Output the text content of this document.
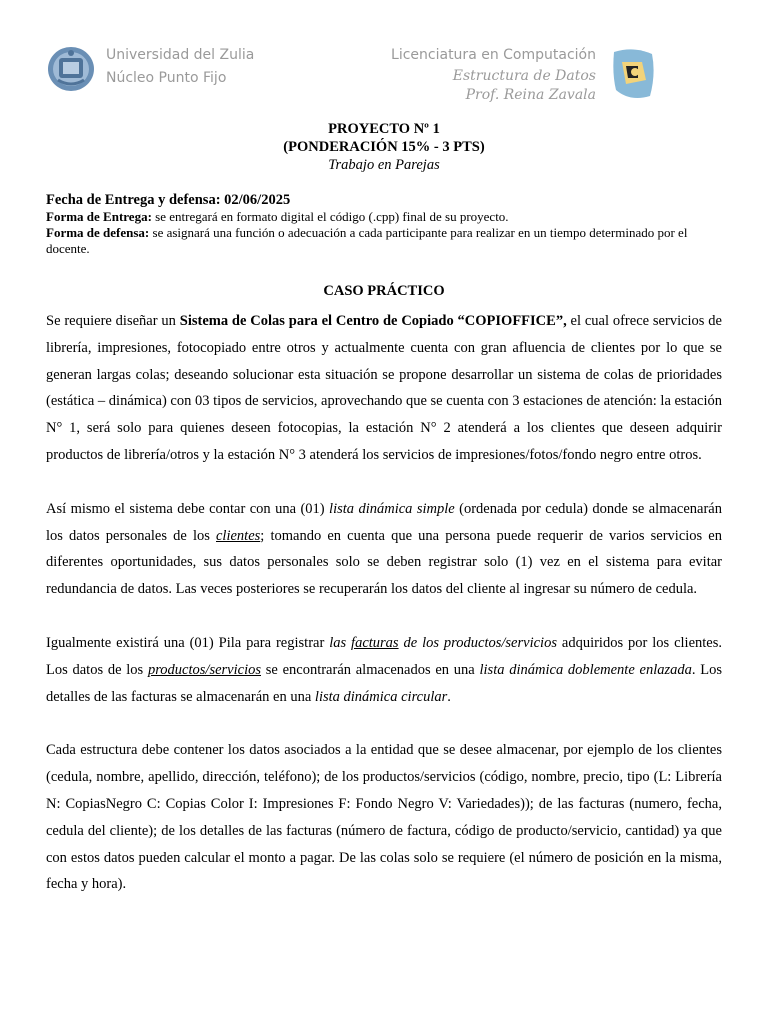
Universidad del Zulia
Núcleo Punto Fijo
Licenciatura en Computación
Estructura de Datos
Prof. Reina Zavala
PROYECTO Nº 1
(PONDERACIÓN 15% - 3 PTS)
Trabajo en Parejas
Fecha de Entrega y defensa: 02/06/2025
Forma de Entrega: se entregará en formato digital el código (.cpp) final de su proyecto.
Forma de defensa: se asignará una función o adecuación a cada participante para realizar en un tiempo determinado por el docente.
CASO PRÁCTICO

Se requiere diseñar un Sistema de Colas para el Centro de Copiado “COPIOFFICE”, el cual ofrece servicios de librería, impresiones, fotocopiado entre otros y actualmente cuenta con gran afluencia de clientes por lo que se generan largas colas; deseando solucionar esta situación se propone desarrollar un sistema de colas de prioridades (estática – dinámica) con 03 tipos de servicios, aprovechando que se cuenta con 3 estaciones de atención: la estación N° 1, será solo para quienes deseen fotocopias, la estación N° 2 atenderá a los clientes que deseen adquirir productos de librería/otros y la estación N° 3 atenderá los servicios de impresiones/fotos/fondo negro entre otros.

Así mismo el sistema debe contar con una (01) lista dinámica simple (ordenada por cedula) donde se almacenarán los datos personales de los clientes; tomando en cuenta que una persona puede requerir de varios servicios en diferentes oportunidades, sus datos personales solo se deben registrar solo (1) vez en el sistema para evitar redundancia de datos. Las veces posteriores se recuperarán los datos del cliente al ingresar su número de cedula.

Igualmente existirá una (01) Pila para registrar las facturas de los productos/servicios adquiridos por los clientes. Los datos de los productos/servicios se encontrarán almacenados en una lista dinámica doblemente enlazada. Los detalles de las facturas se almacenarán en una lista dinámica circular.

Cada estructura debe contener los datos asociados a la entidad que se desee almacenar, por ejemplo de los clientes (cedula, nombre, apellido, dirección, teléfono); de los productos/servicios (código, nombre, precio, tipo (L: Librería N: CopiasNegro C: Copias Color I: Impresiones F: Fondo Negro V: Variedades)); de las facturas (numero, fecha, cedula del cliente); de los detalles de las facturas (número de factura, código de producto/servicio, cantidad) ya que con estos datos pueden calcular el monto a pagar. De las colas solo se requiere (el número de posición en la misma, fecha y hora).
